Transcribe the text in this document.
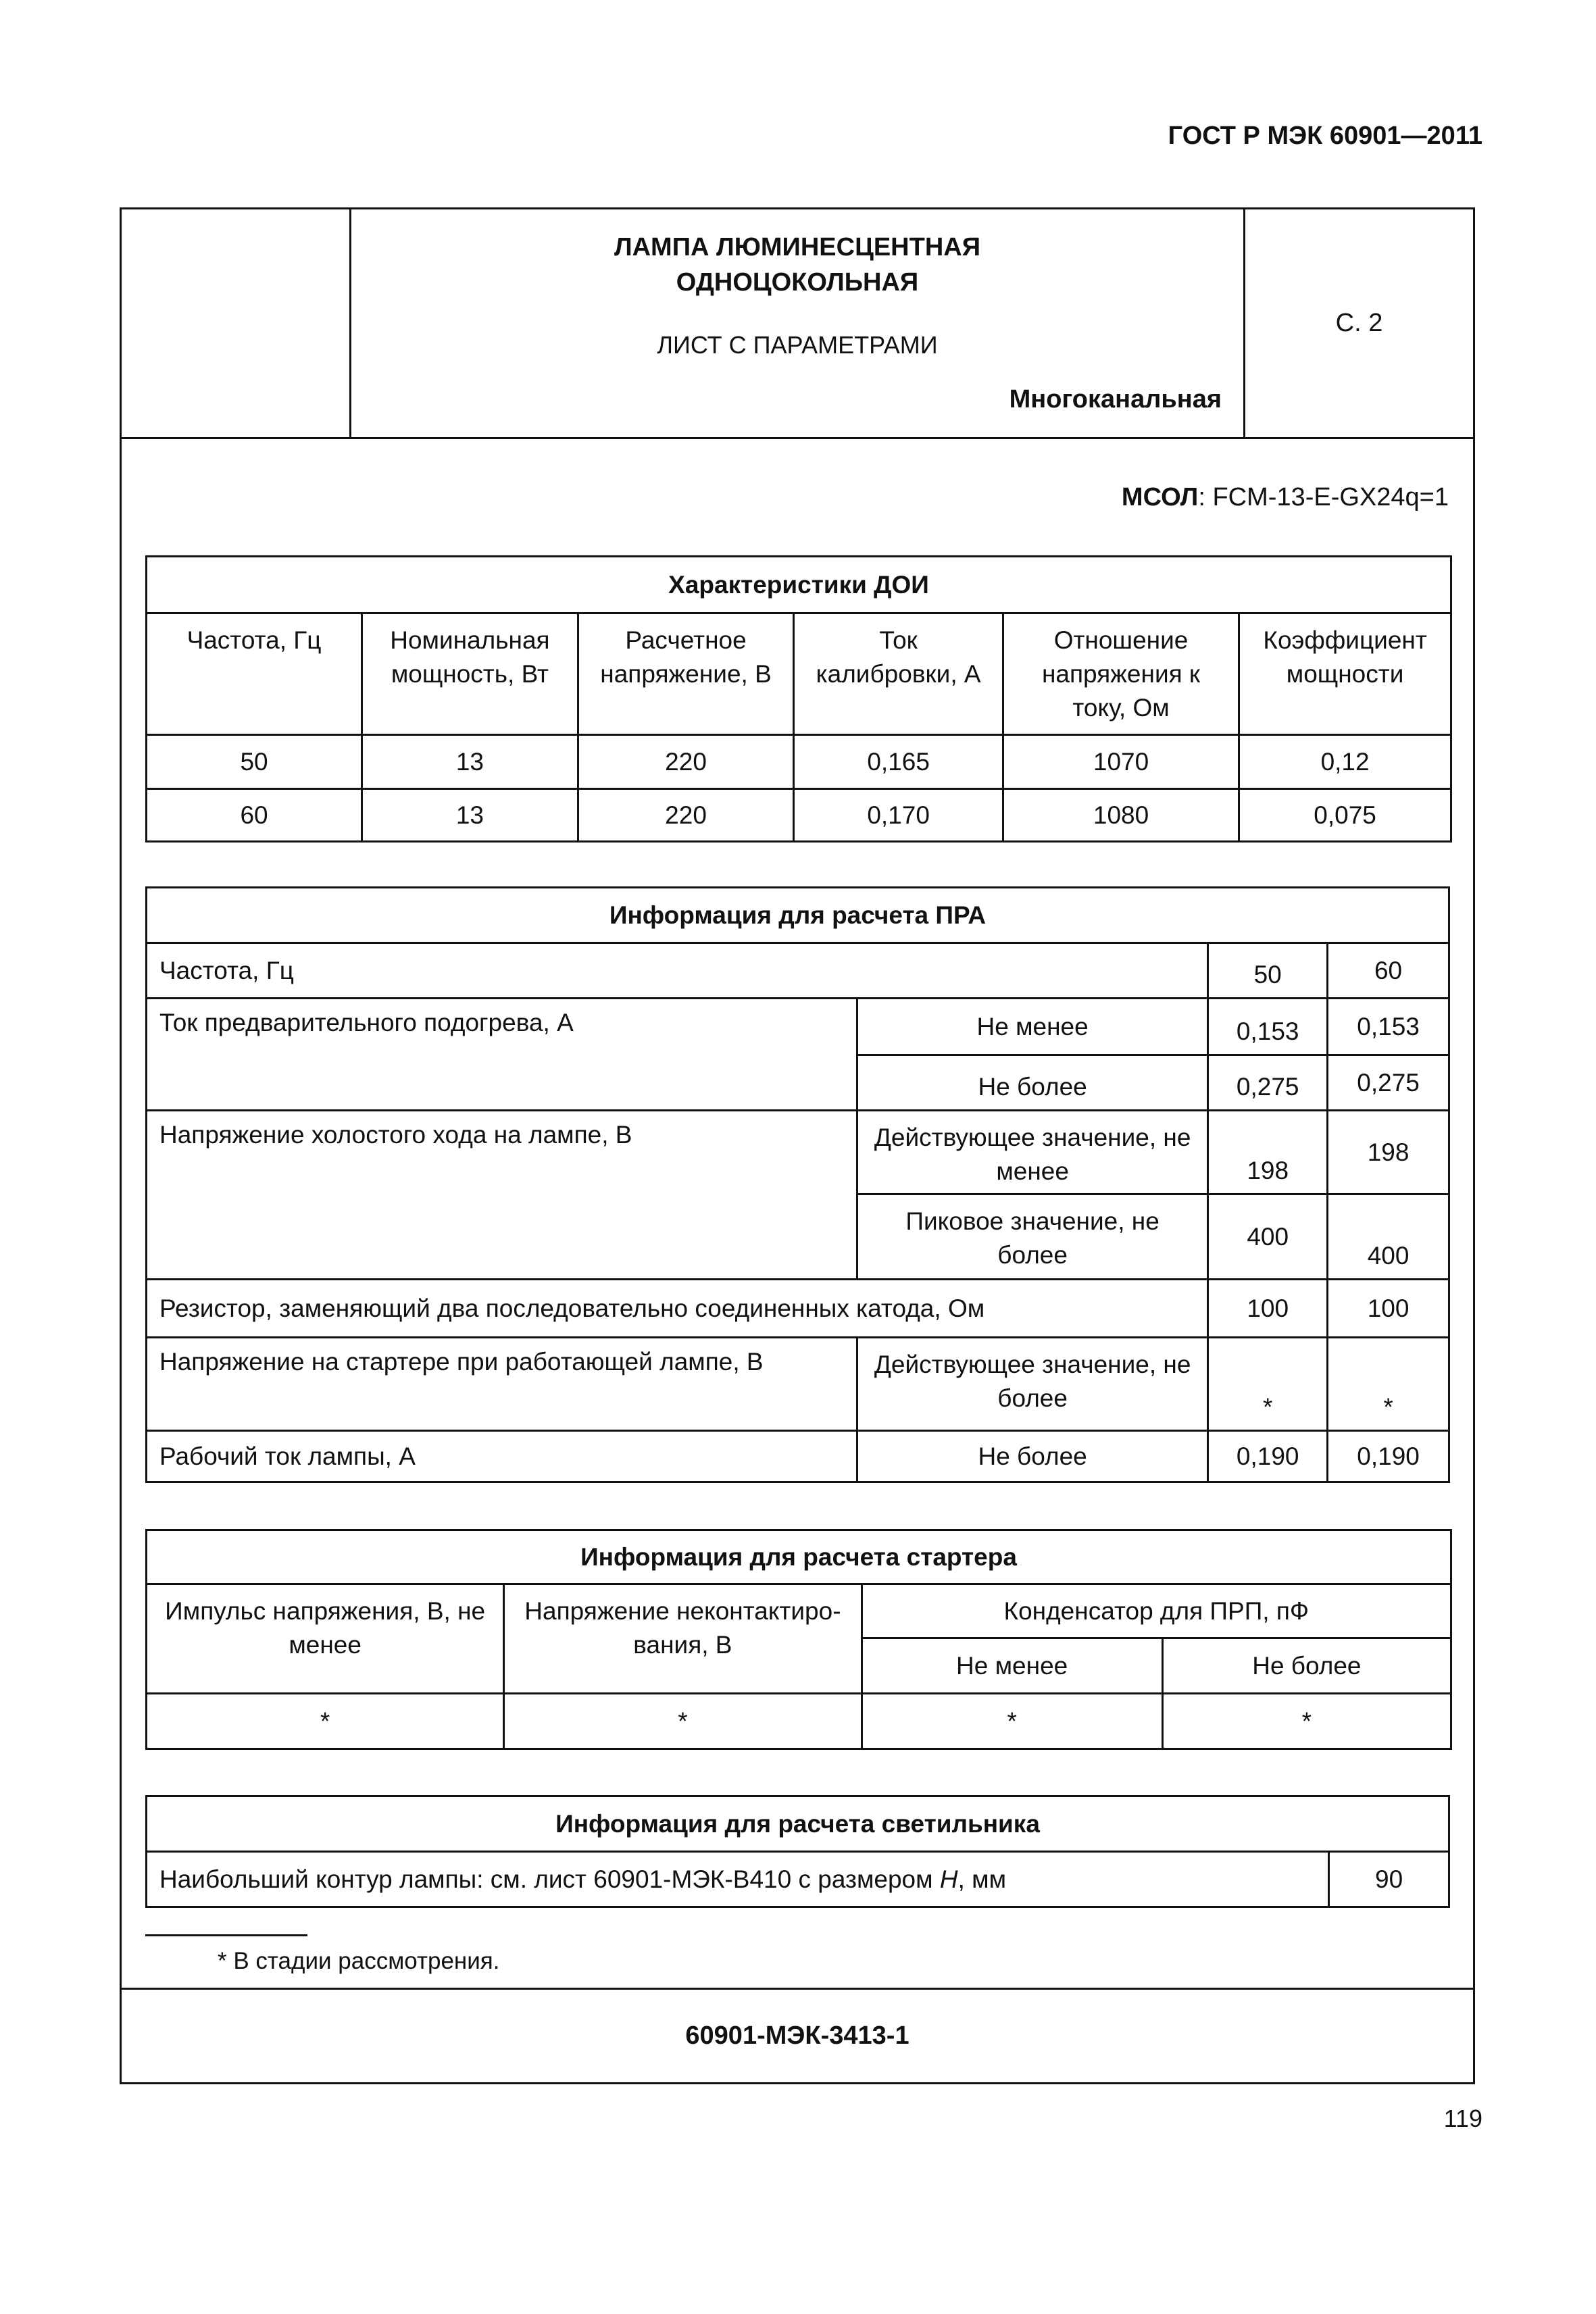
ГОСТ Р МЭК 60901—2011
ЛАМПА ЛЮМИНЕСЦЕНТНАЯ
ОДНОЦОКОЛЬНАЯ
ЛИСТ С ПАРАМЕТРАМИ
Многоканальная
С. 2
МСОЛ: FCM-13-E-GX24q=1
Характеристики ДОИ					
Частота, Гц	Номинальная мощность, Вт	Расчетное напряжение, В	Ток калибровки, А	Отношение напряжения к току, Ом	Коэффициент мощности
50	13	220	0,165	1070	0,12
60	13	220	0,170	1080	0,075
Информация для расчета ПРА			
Частота, Гц		50	60
Ток предварительного подогрева, А	Не менее	0,153	0,153
	Не более	0,275	0,275
Напряжение холостого хода на лампе, В	Действующее значение, не менее	198	198
	Пиковое значение, не более	400	400
Резистор, заменяющий два последовательно соединенных катода, Ом		100	100
Напряжение на стартере при работающей лампе, В	Действующее значение, не более	*	*
Рабочий ток лампы, А	Не более	0,190	0,190
Информация для расчета стартера			
Импульс напряжения, В, не менее	Напряжение неконтактиро-вания, В	Конденсатор для ПРП, пФ	
		Не менее	Не более
*	*	*	*
Информация для расчета светильника
Наибольший контур лампы: см. лист 60901-МЭК-В410 с размером H, мм	90
* В стадии рассмотрения.
60901-МЭК-3413-1
119
